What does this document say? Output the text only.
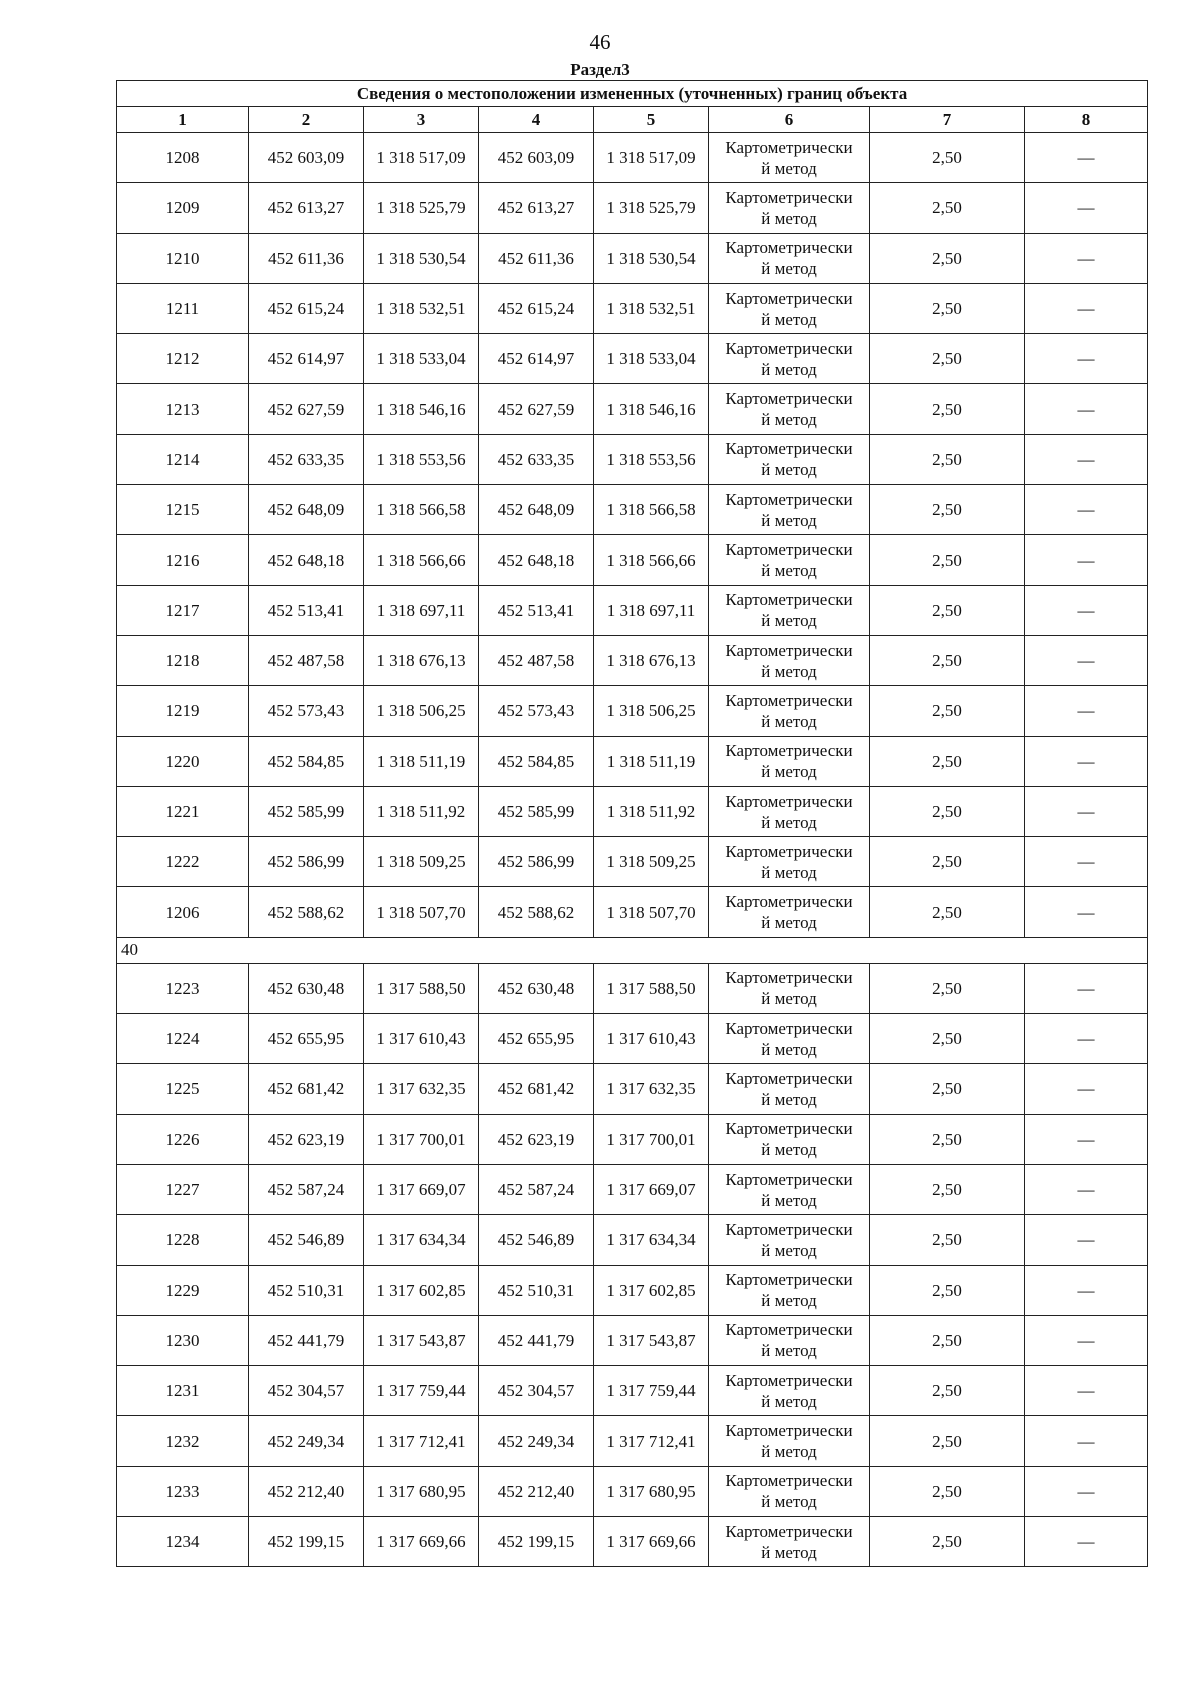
46
Раздел3
Сведения о местоположении измененных (уточненных) границ объекта							
1	2	3	4	5	6	7	8
1208	452 603,09	1 318 517,09	452 603,09	1 318 517,09	Картометрически
й метод	2,50	—
1209	452 613,27	1 318 525,79	452 613,27	1 318 525,79	Картометрически
й метод	2,50	—
1210	452 611,36	1 318 530,54	452 611,36	1 318 530,54	Картометрически
й метод	2,50	—
1211	452 615,24	1 318 532,51	452 615,24	1 318 532,51	Картометрически
й метод	2,50	—
1212	452 614,97	1 318 533,04	452 614,97	1 318 533,04	Картометрически
й метод	2,50	—
1213	452 627,59	1 318 546,16	452 627,59	1 318 546,16	Картометрически
й метод	2,50	—
1214	452 633,35	1 318 553,56	452 633,35	1 318 553,56	Картометрически
й метод	2,50	—
1215	452 648,09	1 318 566,58	452 648,09	1 318 566,58	Картометрически
й метод	2,50	—
1216	452 648,18	1 318 566,66	452 648,18	1 318 566,66	Картометрически
й метод	2,50	—
1217	452 513,41	1 318 697,11	452 513,41	1 318 697,11	Картометрически
й метод	2,50	—
1218	452 487,58	1 318 676,13	452 487,58	1 318 676,13	Картометрически
й метод	2,50	—
1219	452 573,43	1 318 506,25	452 573,43	1 318 506,25	Картометрически
й метод	2,50	—
1220	452 584,85	1 318 511,19	452 584,85	1 318 511,19	Картометрически
й метод	2,50	—
1221	452 585,99	1 318 511,92	452 585,99	1 318 511,92	Картометрически
й метод	2,50	—
1222	452 586,99	1 318 509,25	452 586,99	1 318 509,25	Картометрически
й метод	2,50	—
1206	452 588,62	1 318 507,70	452 588,62	1 318 507,70	Картометрически
й метод	2,50	—
40							
1223	452 630,48	1 317 588,50	452 630,48	1 317 588,50	Картометрически
й метод	2,50	—
1224	452 655,95	1 317 610,43	452 655,95	1 317 610,43	Картометрически
й метод	2,50	—
1225	452 681,42	1 317 632,35	452 681,42	1 317 632,35	Картометрически
й метод	2,50	—
1226	452 623,19	1 317 700,01	452 623,19	1 317 700,01	Картометрически
й метод	2,50	—
1227	452 587,24	1 317 669,07	452 587,24	1 317 669,07	Картометрически
й метод	2,50	—
1228	452 546,89	1 317 634,34	452 546,89	1 317 634,34	Картометрически
й метод	2,50	—
1229	452 510,31	1 317 602,85	452 510,31	1 317 602,85	Картометрически
й метод	2,50	—
1230	452 441,79	1 317 543,87	452 441,79	1 317 543,87	Картометрически
й метод	2,50	—
1231	452 304,57	1 317 759,44	452 304,57	1 317 759,44	Картометрически
й метод	2,50	—
1232	452 249,34	1 317 712,41	452 249,34	1 317 712,41	Картометрически
й метод	2,50	—
1233	452 212,40	1 317 680,95	452 212,40	1 317 680,95	Картометрически
й метод	2,50	—
1234	452 199,15	1 317 669,66	452 199,15	1 317 669,66	Картометрически
й метод	2,50	—
